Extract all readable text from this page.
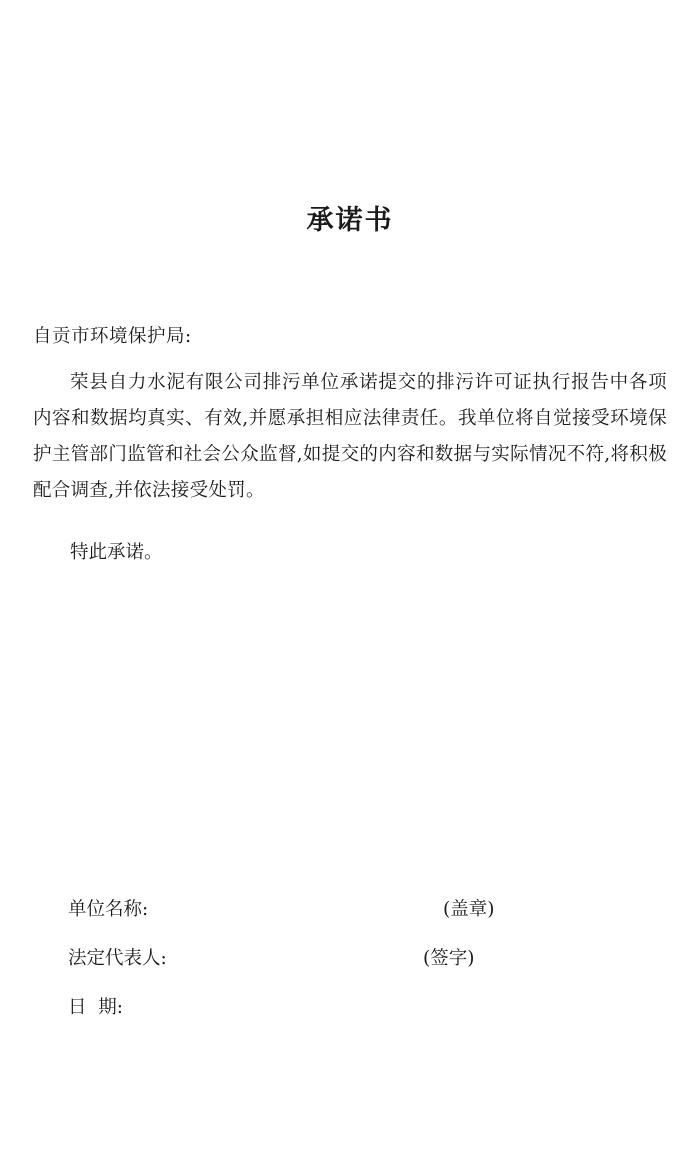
承诺书
自贡市环境保护局:

荣县自力水泥有限公司排污单位承诺提交的排污许可证执行报告中各项内容和数据均真实、有效,并愿承担相应法律责任。我单位将自觉接受环境保护主管部门监管和社会公众监督,如提交的内容和数据与实际情况不符,将积极配合调查,并依法接受处罚。

特此承诺。

单位名称:	(盖章)
法定代表人:	(签字)
日  期:
